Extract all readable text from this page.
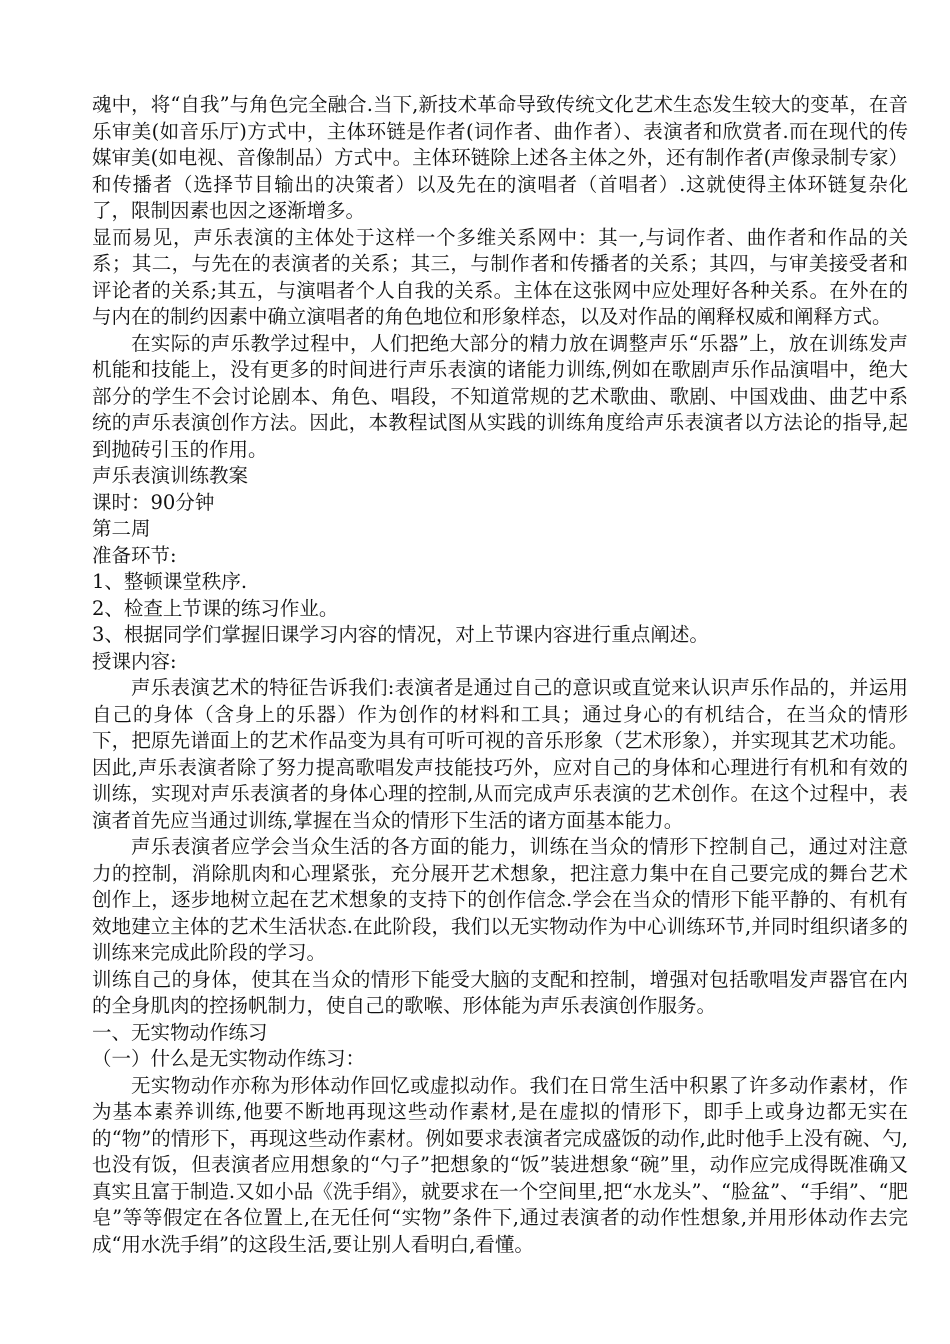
魂中，将“自我”与角色完全融合.当下,新技术革命导致传统文化艺术生态发生较大的变革，在音乐审美(如音乐厅)方式中，主体环链是作者(词作者、曲作者）、表演者和欣赏者.而在现代的传媒审美(如电视、音像制品）方式中。主体环链除上述各主体之外，还有制作者(声像录制专家）和传播者（选择节目输出的决策者）以及先在的演唱者（首唱者）.这就使得主体环链复杂化了，限制因素也因之逐渐增多。

显而易见，声乐表演的主体处于这样一个多维关系网中：其一,与词作者、曲作者和作品的关系；其二，与先在的表演者的关系；其三，与制作者和传播者的关系；其四，与审美接受者和评论者的关系;其五，与演唱者个人自我的关系。主体在这张网中应处理好各种关系。在外在的与内在的制约因素中确立演唱者的角色地位和形象样态，以及对作品的阐释权威和阐释方式。

在实际的声乐教学过程中，人们把绝大部分的精力放在调整声乐“乐器”上，放在训练发声机能和技能上，没有更多的时间进行声乐表演的诸能力训练,例如在歌剧声乐作品演唱中，绝大部分的学生不会讨论剧本、角色、唱段，不知道常规的艺术歌曲、歌剧、中国戏曲、曲艺中系统的声乐表演创作方法。因此，本教程试图从实践的训练角度给声乐表演者以方法论的指导,起到抛砖引玉的作用。

声乐表演训练教案

课时：90分钟

第二周

准备环节:

1、整顿课堂秩序.

2、检查上节课的练习作业。

3、根据同学们掌握旧课学习内容的情况，对上节课内容进行重点阐述。

授课内容:

声乐表演艺术的特征告诉我们:表演者是通过自己的意识或直觉来认识声乐作品的，并运用自己的身体（含身上的乐器）作为创作的材料和工具；通过身心的有机结合，在当众的情形下，把原先谱面上的艺术作品变为具有可听可视的音乐形象（艺术形象），并实现其艺术功能。因此,声乐表演者除了努力提高歌唱发声技能技巧外，应对自己的身体和心理进行有机和有效的训练，实现对声乐表演者的身体心理的控制,从而完成声乐表演的艺术创作。在这个过程中，表演者首先应当通过训练,掌握在当众的情形下生活的诸方面基本能力。

声乐表演者应学会当众生活的各方面的能力，训练在当众的情形下控制自己，通过对注意力的控制，消除肌肉和心理紧张，充分展开艺术想象，把注意力集中在自己要完成的舞台艺术创作上，逐步地树立起在艺术想象的支持下的创作信念.学会在当众的情形下能平静的、有机有效地建立主体的艺术生活状态.在此阶段，我们以无实物动作为中心训练环节,并同时组织诸多的训练来完成此阶段的学习。

训练自己的身体，使其在当众的情形下能受大脑的支配和控制，增强对包括歌唱发声器官在内的全身肌肉的控扬帆制力，使自己的歌喉、形体能为声乐表演创作服务。

一、无实物动作练习

（一）什么是无实物动作练习：

无实物动作亦称为形体动作回忆或虚拟动作。我们在日常生活中积累了许多动作素材，作为基本素养训练,他要不断地再现这些动作素材,是在虚拟的情形下，即手上或身边都无实在的“物”的情形下，再现这些动作素材。例如要求表演者完成盛饭的动作,此时他手上没有碗、勺,也没有饭，但表演者应用想象的“勺子”把想象的“饭”装进想象“碗”里，动作应完成得既准确又真实且富于制造.又如小品《洗手绢》，就要求在一个空间里,把“水龙头”、“脸盆”、“手绢”、“肥皂”等等假定在各位置上,在无任何“实物”条件下,通过表演者的动作性想象,并用形体动作去完成“用水洗手绢”的这段生活,要让别人看明白,看懂。
